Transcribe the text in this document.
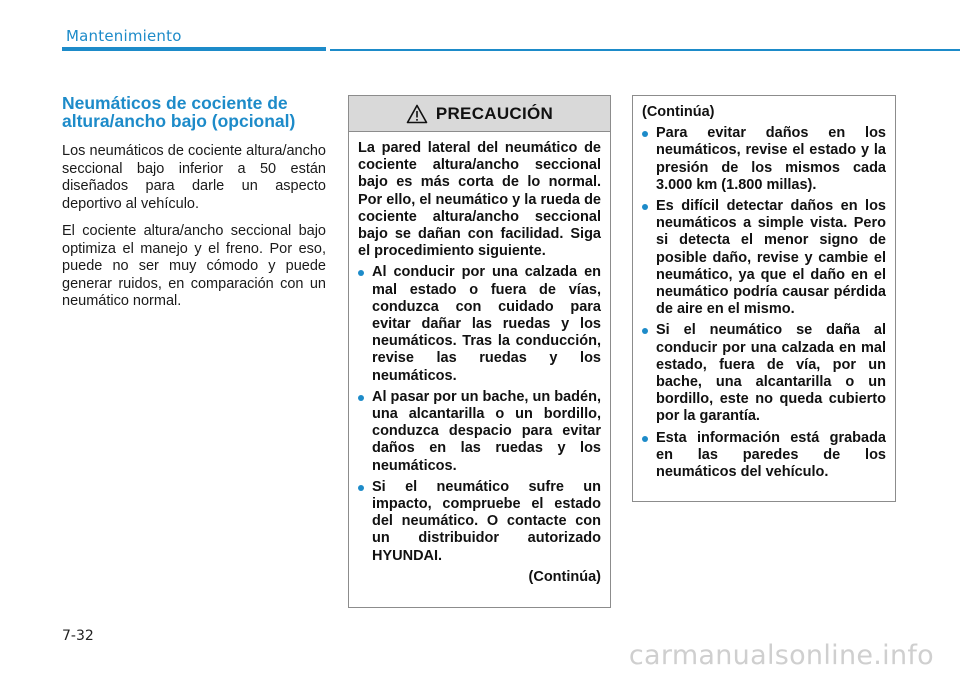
Mantenimiento
Neumáticos de cociente de altura/ancho bajo (opcional)

Los neumáticos de cociente altura/ancho seccional bajo inferior a 50 están diseñados para darle un aspecto deportivo al vehículo.

El cociente altura/ancho seccional bajo optimiza el manejo y el freno. Por eso, puede no ser muy cómodo y puede generar ruidos, en comparación con un neumático normal.

PRECAUCIÓN

La pared lateral del neumático de cociente altura/ancho seccional bajo es más corta de lo normal. Por ello, el neumático y la rueda de cociente altura/ancho seccional bajo se dañan con facilidad. Siga el procedimiento siguiente.

Al conducir por una calzada en mal estado o fuera de vías, conduzca con cuidado para evitar dañar las ruedas y los neumáticos. Tras la conducción, revise las ruedas y los neumáticos.
Al pasar por un bache, un badén, una alcantarilla o un bordillo, conduzca despacio para evitar daños en las ruedas y los neumáticos.
Si el neumático sufre un impacto, compruebe el estado del neumático. O contacte con un distribuidor autorizado HYUNDAI.

(Continúa)

(Continúa)

Para evitar daños en los neumáticos, revise el estado y la presión de los mismos cada 3.000 km (1.800 millas).
Es difícil detectar daños en los neumáticos a simple vista. Pero si detecta el menor signo de posible daño, revise y cambie el neumático, ya que el daño en el neumático podría causar pérdida de aire en el mismo.
Si el neumático se daña al conducir por una calzada en mal estado, fuera de vía, por un bache, una alcantarilla o un bordillo, este no queda cubierto por la garantía.
Esta información está grabada en las paredes de los neumáticos del vehículo.
7-32
carmanualsonline.info
